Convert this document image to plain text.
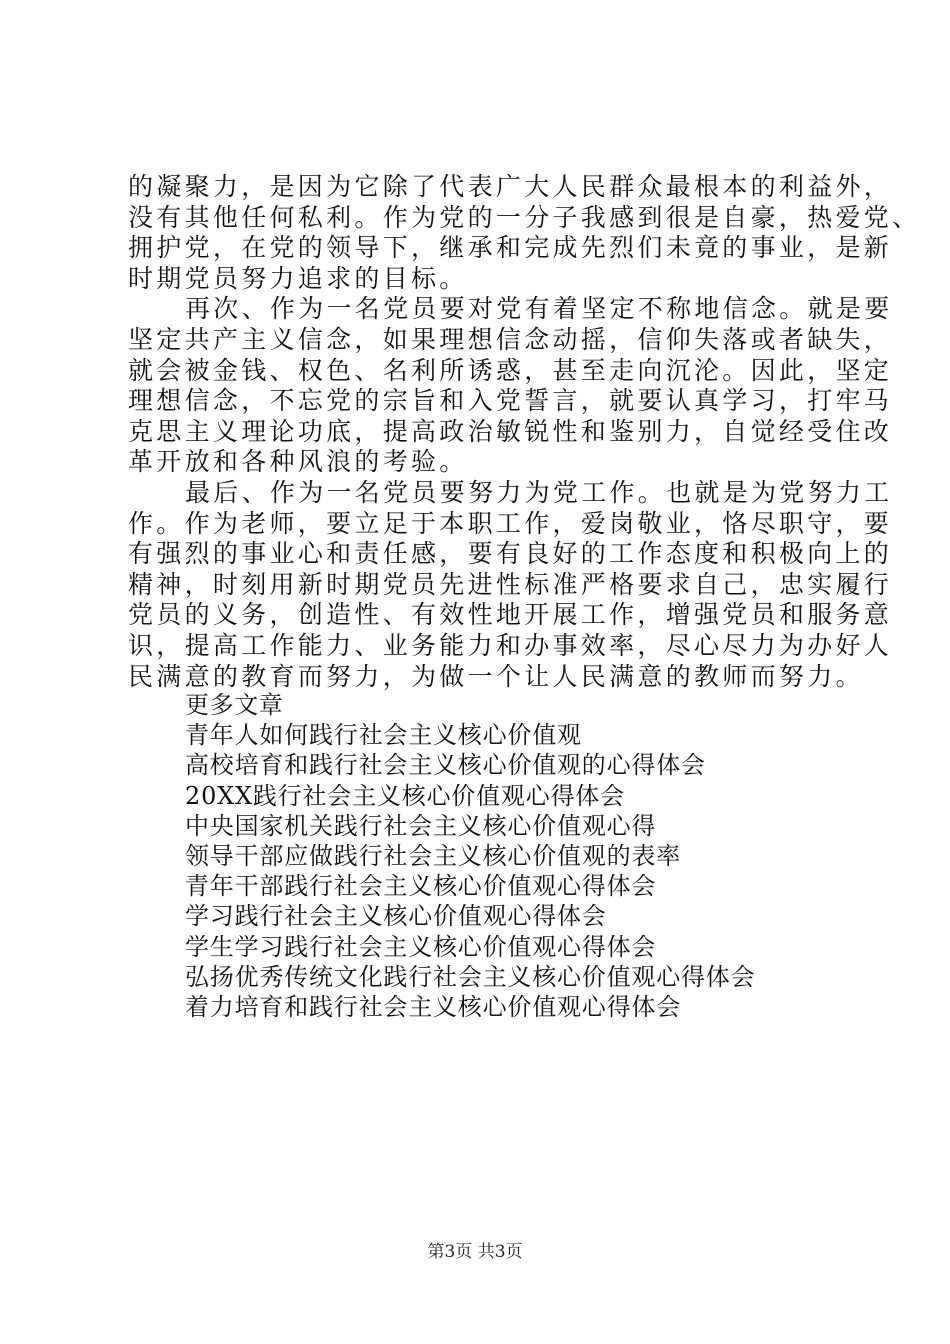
的凝聚力，是因为它除了代表广大人民群众最根本的利益外，
没有其他任何私利。作为党的一分子我感到很是自豪，热爱党、
拥护党，在党的领导下，继承和完成先烈们未竟的事业，是新
时期党员努力追求的目标。
再次、作为一名党员要对党有着坚定不称地信念。就是要
坚定共产主义信念，如果理想信念动摇，信仰失落或者缺失，
就会被金钱、权色、名利所诱惑，甚至走向沉沦。因此，坚定
理想信念，不忘党的宗旨和入党誓言，就要认真学习，打牢马
克思主义理论功底，提高政治敏锐性和鉴别力，自觉经受住改
革开放和各种风浪的考验。
最后、作为一名党员要努力为党工作。也就是为党努力工
作。作为老师，要立足于本职工作，爱岗敬业，恪尽职守，要
有强烈的事业心和责任感，要有良好的工作态度和积极向上的
精神，时刻用新时期党员先进性标准严格要求自己，忠实履行
党员的义务，创造性、有效性地开展工作，增强党员和服务意
识，提高工作能力、业务能力和办事效率，尽心尽力为办好人
民满意的教育而努力，为做一个让人民满意的教师而努力。
更多文章
青年人如何践行社会主义核心价值观
高校培育和践行社会主义核心价值观的心得体会
20XX践行社会主义核心价值观心得体会
中央国家机关践行社会主义核心价值观心得
领导干部应做践行社会主义核心价值观的表率
青年干部践行社会主义核心价值观心得体会
学习践行社会主义核心价值观心得体会
学生学习践行社会主义核心价值观心得体会
弘扬优秀传统文化践行社会主义核心价值观心得体会
着力培育和践行社会主义核心价值观心得体会
第3页 共3页
